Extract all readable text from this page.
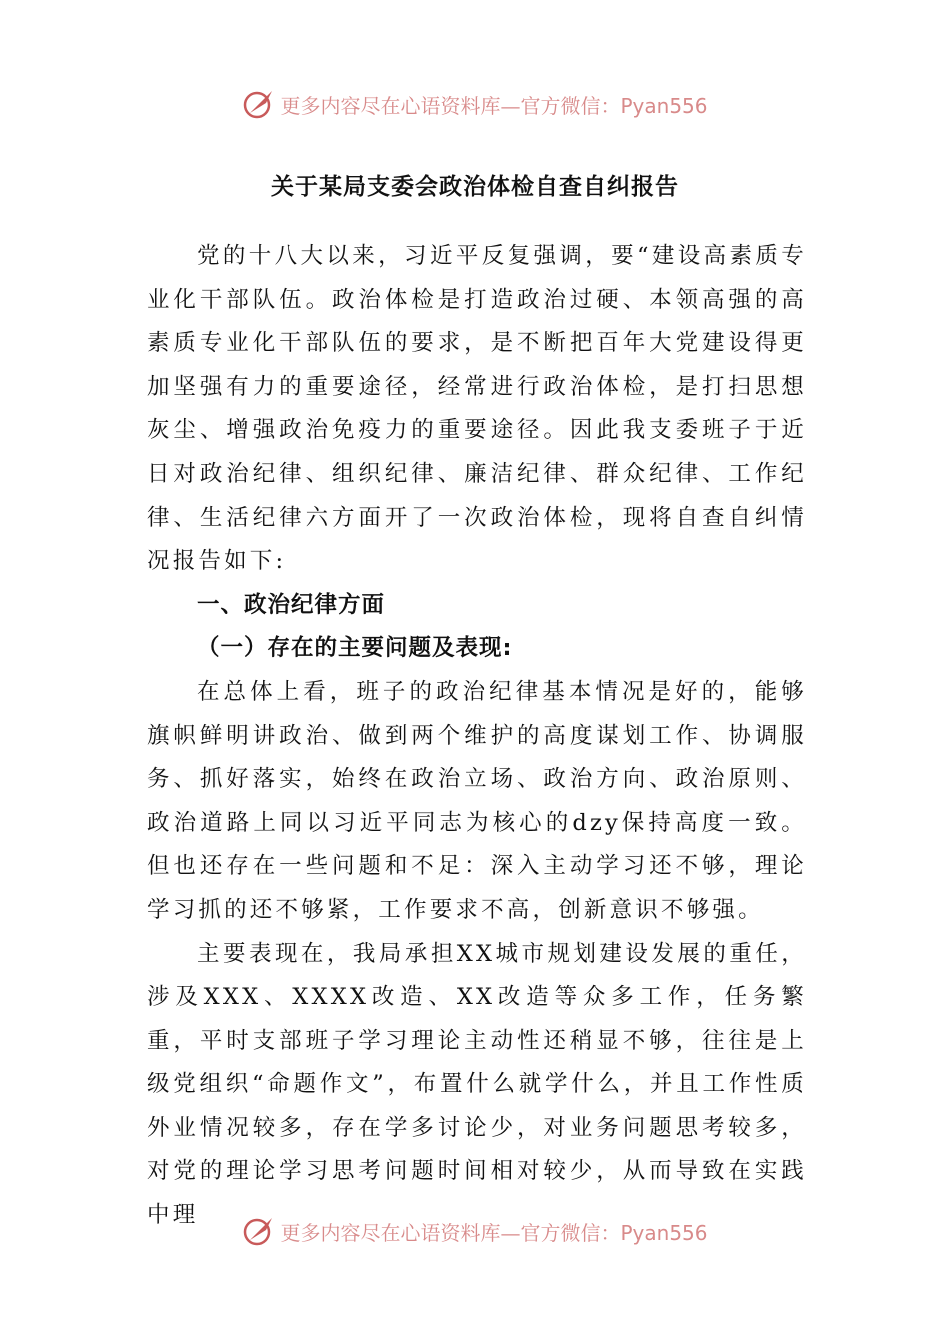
更多内容尽在心语资料库—官方微信：Pyan556
关于某局支委会政治体检自查自纠报告

党的十八大以来，习近平反复强调，要“建设高素质专业化干部队伍。政治体检是打造政治过硬、本领高强的高素质专业化干部队伍的要求，是不断把百年大党建设得更加坚强有力的重要途径，经常进行政治体检，是打扫思想灰尘、增强政治免疫力的重要途径。因此我支委班子于近日对政治纪律、组织纪律、廉洁纪律、群众纪律、工作纪律、生活纪律六方面开了一次政治体检，现将自查自纠情况报告如下:

一、政治纪律方面

（一）存在的主要问题及表现:

在总体上看，班子的政治纪律基本情况是好的，能够旗帜鲜明讲政治、做到两个维护的高度谋划工作、协调服务、抓好落实，始终在政治立场、政治方向、政治原则、政治道路上同以习近平同志为核心的dzy保持高度一致。但也还存在一些问题和不足：深入主动学习还不够，理论学习抓的还不够紧，工作要求不高，创新意识不够强。

主要表现在，我局承担XX城市规划建设发展的重任，涉及XXX、XXXX改造、XX改造等众多工作，任务繁重，平时支部班子学习理论主动性还稍显不够，往往是上级党组织“命题作文”，布置什么就学什么，并且工作性质外业情况较多，存在学多讨论少，对业务问题思考较多，对党的理论学习思考问题时间相对较少，从而导致在实践中理

更多内容尽在心语资料库—官方微信：Pyan556
